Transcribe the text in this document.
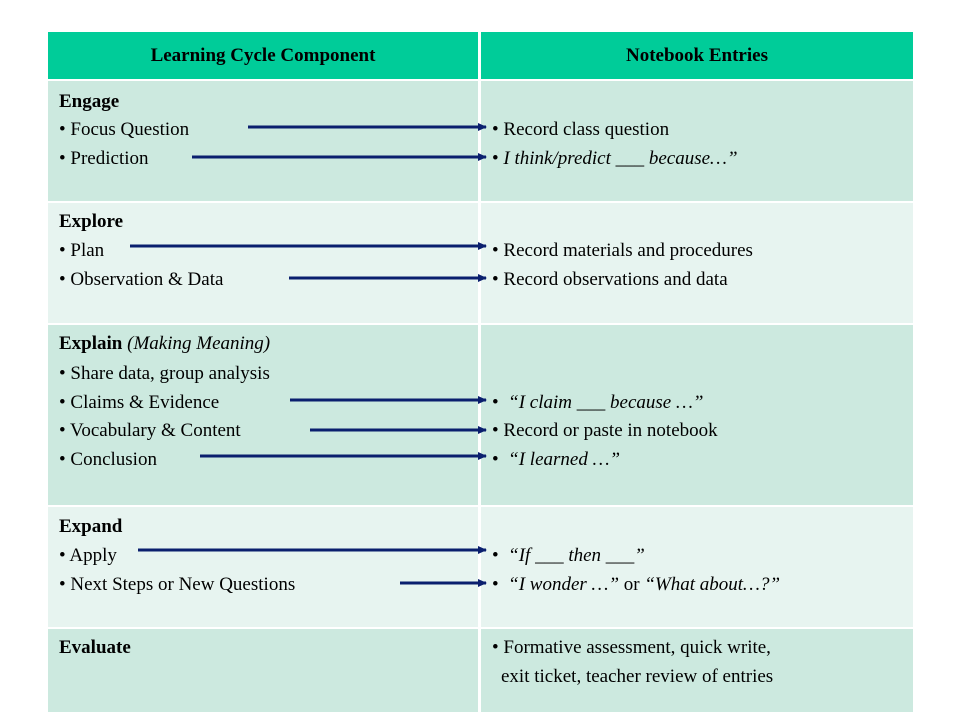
Learning Cycle Component	Notebook Entries
Engage
• Focus Question
• Prediction
• Record class question
• I think/predict ___ because…”
Explore
• Plan
• Observation & Data
• Record materials and procedures
• Record observations and data
Explain (Making Meaning)
• Share data, group analysis
• Claims & Evidence
• Vocabulary & Content
• Conclusion
•  “I claim ___ because …”
• Record or paste in notebook
•  “I learned …”
Expand
• Apply
• Next Steps or New Questions
•  “If ___ then ___”
•  “I wonder …” or “What about…?”
Evaluate	• Formative assessment, quick write,
exit ticket, teacher review of entries
